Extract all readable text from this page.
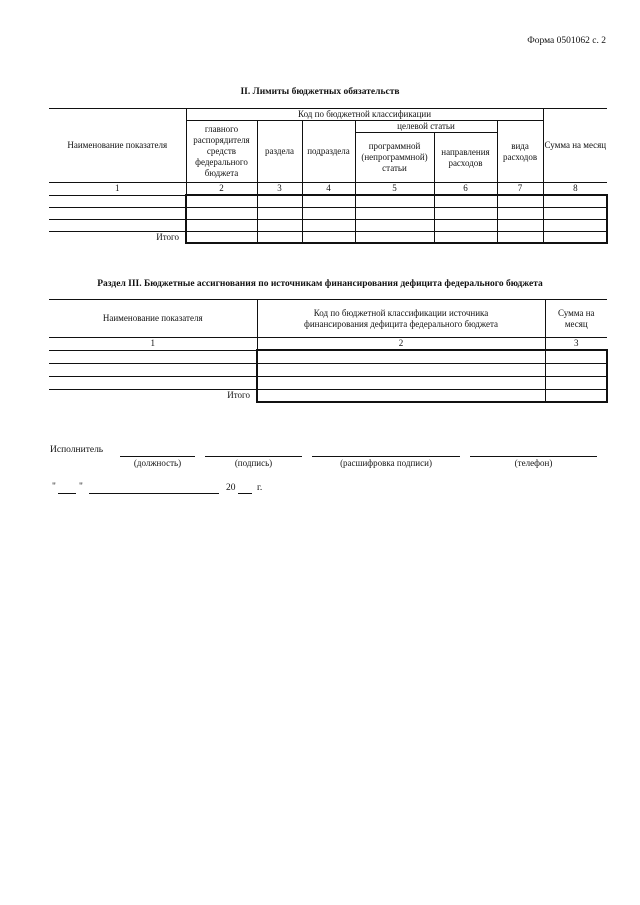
Форма 0501062 с. 2
II. Лимиты бюджетных обязательств
Наименование показателя	Код по бюджетной классификации						Сумма на месяц
	главного распорядителя средств федерального бюджета	раздела	подраздела	целевой статьи		вида расходов	
				программной (непрограммной) статьи	направления расходов		
1	2	3	4	5	6	7	8

Итого							
Раздел III. Бюджетные ассигнования по источникам финансирования дефицита федерального бюджета
Наименование показателя	Код по бюджетной классификации источника финансирования дефицита федерального бюджета	Сумма на месяц
1	2	3

Итого		
Исполнитель
(должность)	(подпись)	(расшифровка подписи)	(телефон)
" "	20 г.
